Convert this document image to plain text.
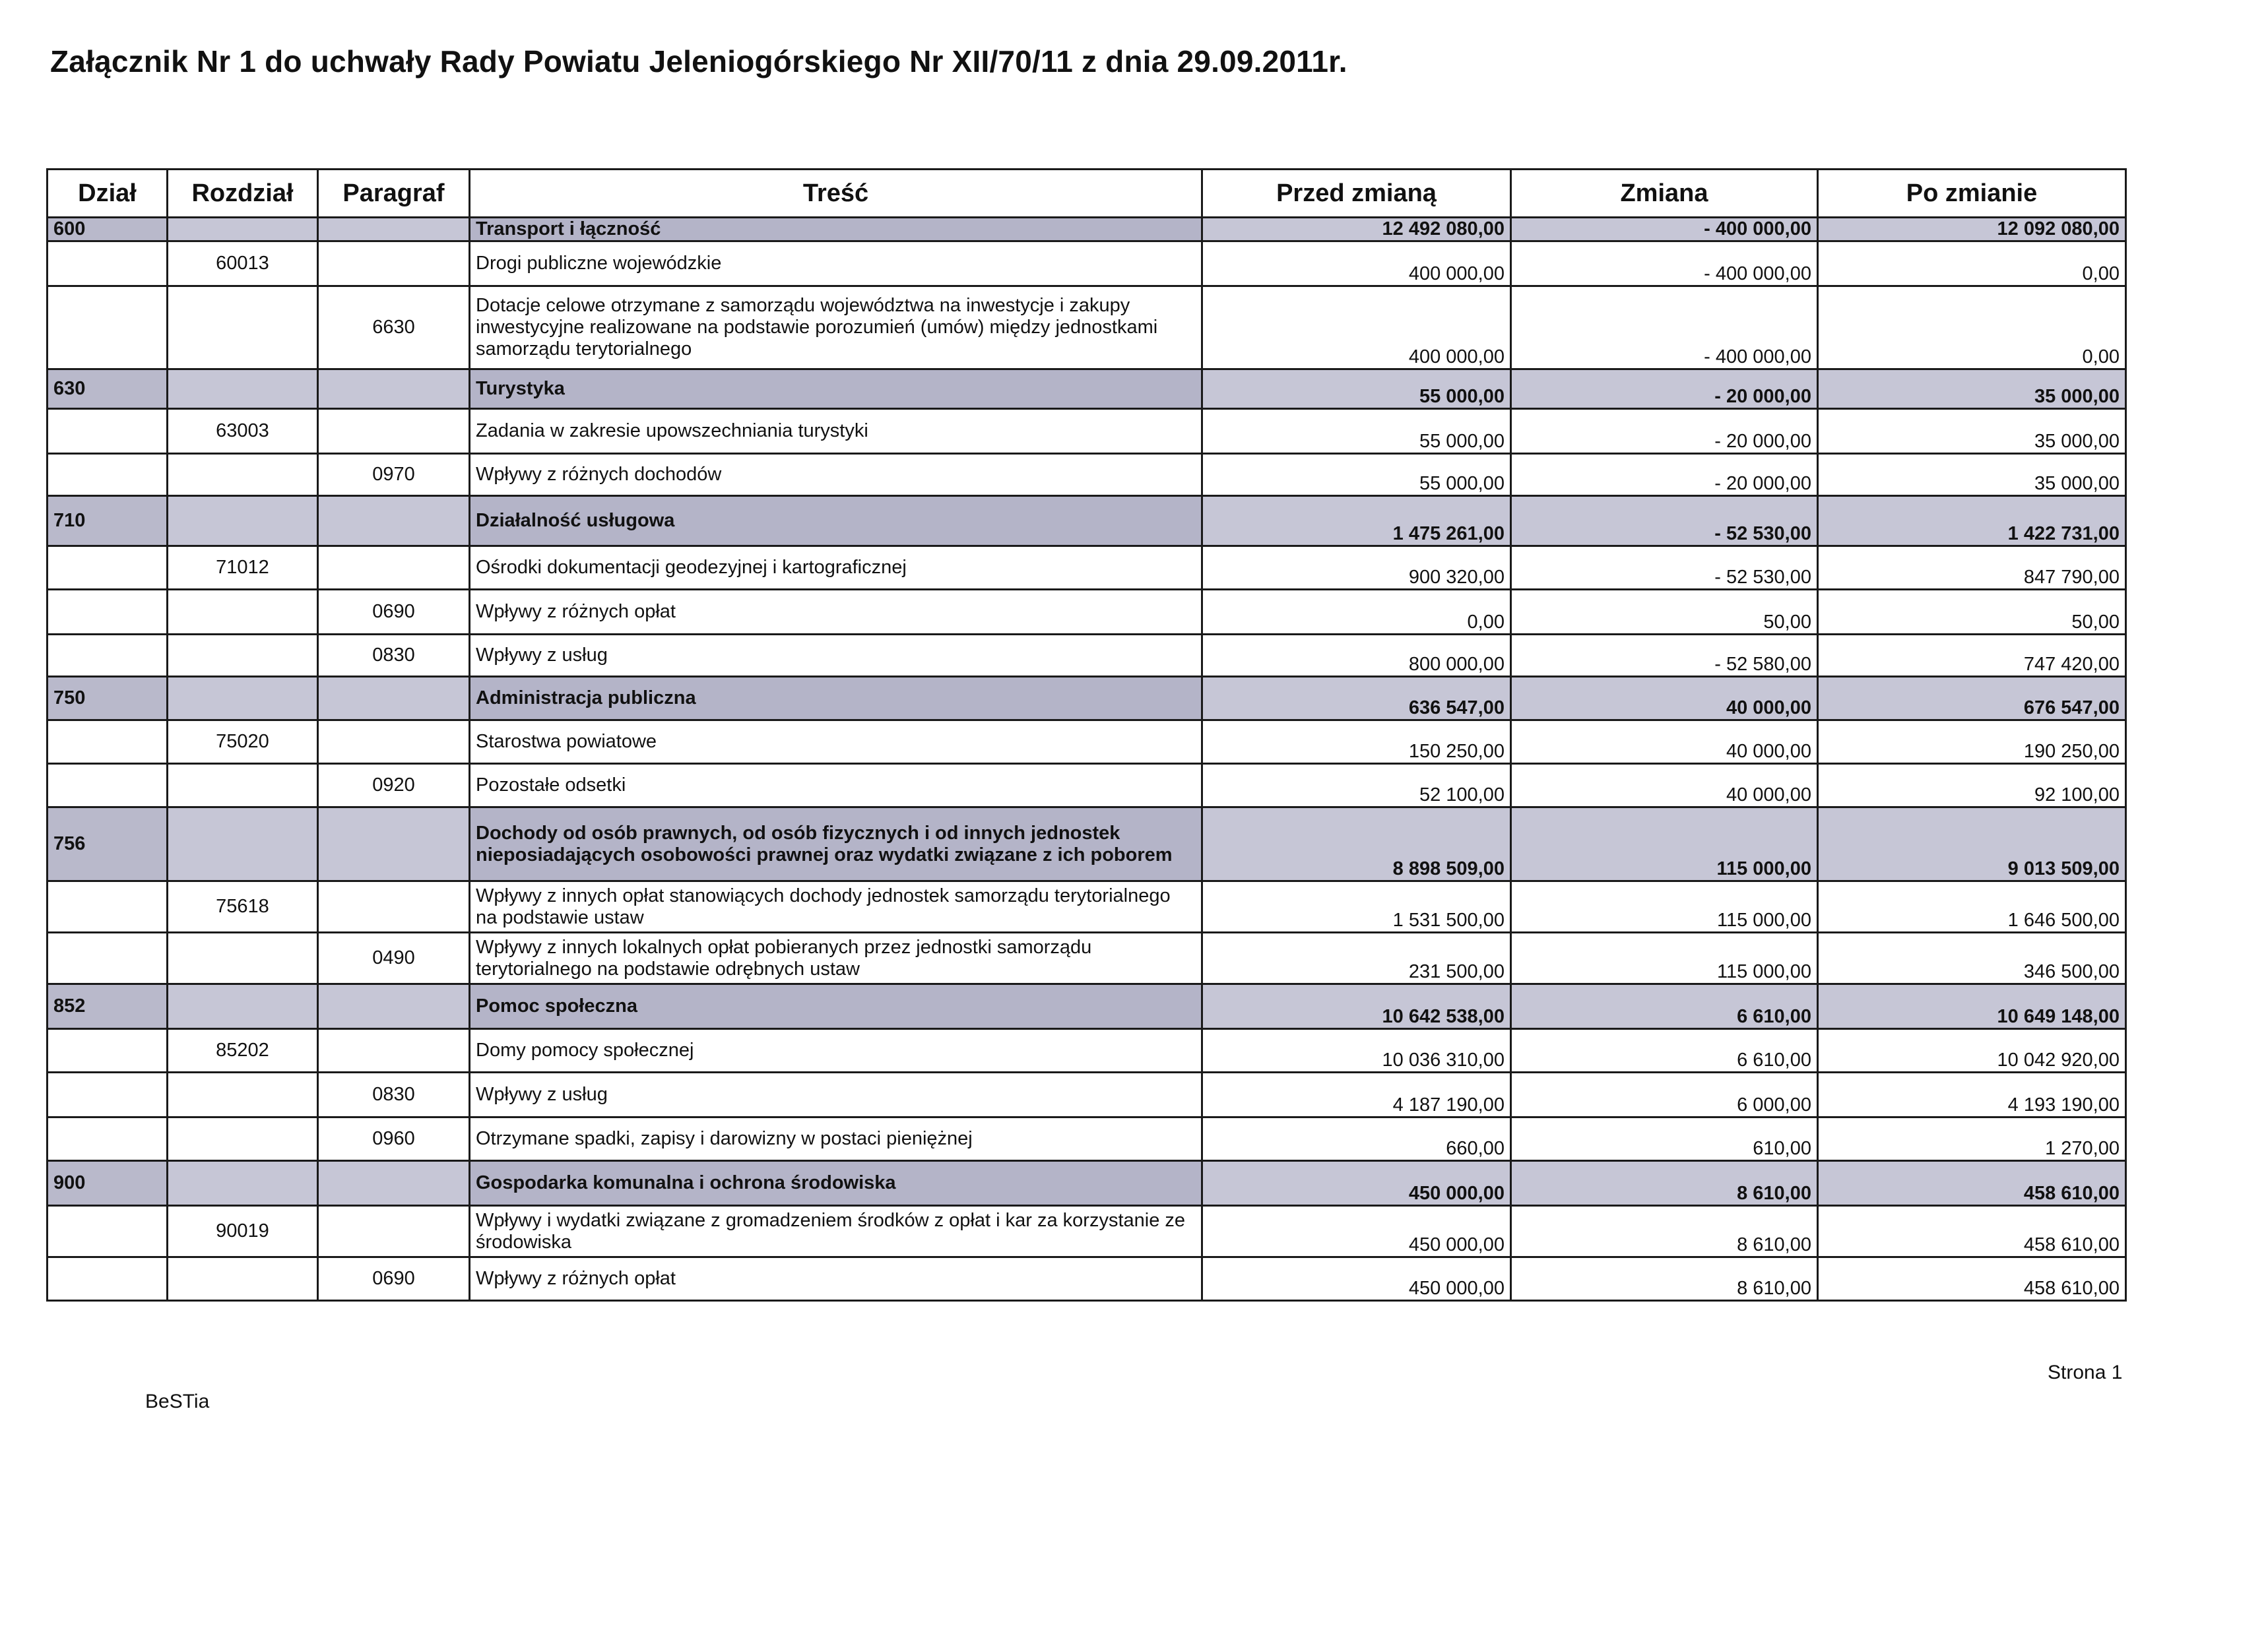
Załącznik Nr 1 do uchwały Rady Powiatu Jeleniogórskiego Nr XII/70/11 z dnia 29.09.2011r.
Dział	Rozdział	Paragraf	Treść	Przed zmianą	Zmiana	Po zmianie
600			Transport i łączność	12 492 080,00	- 400 000,00	12 092 080,00
	60013		Drogi publiczne wojewódzkie	400 000,00	- 400 000,00	0,00
		6630	Dotacje celowe otrzymane z samorządu województwa na inwestycje i zakupy inwestycyjne realizowane na podstawie porozumień (umów) między jednostkami samorządu terytorialnego	400 000,00	- 400 000,00	0,00
630			Turystyka	55 000,00	- 20 000,00	35 000,00
	63003		Zadania w zakresie upowszechniania turystyki	55 000,00	- 20 000,00	35 000,00
		0970	Wpływy z różnych dochodów	55 000,00	- 20 000,00	35 000,00
710			Działalność usługowa	1 475 261,00	- 52 530,00	1 422 731,00
	71012		Ośrodki dokumentacji geodezyjnej i kartograficznej	900 320,00	- 52 530,00	847 790,00
		0690	Wpływy z różnych opłat	0,00	50,00	50,00
		0830	Wpływy z usług	800 000,00	- 52 580,00	747 420,00
750			Administracja publiczna	636 547,00	40 000,00	676 547,00
	75020		Starostwa powiatowe	150 250,00	40 000,00	190 250,00
		0920	Pozostałe odsetki	52 100,00	40 000,00	92 100,00
756			Dochody od osób prawnych, od osób fizycznych i od innych jednostek nieposiadających osobowości prawnej oraz wydatki związane z ich poborem	8 898 509,00	115 000,00	9 013 509,00
	75618		Wpływy z innych opłat stanowiących dochody jednostek samorządu terytorialnego na podstawie ustaw	1 531 500,00	115 000,00	1 646 500,00
		0490	Wpływy z innych lokalnych opłat pobieranych przez jednostki samorządu terytorialnego na podstawie odrębnych ustaw	231 500,00	115 000,00	346 500,00
852			Pomoc społeczna	10 642 538,00	6 610,00	10 649 148,00
	85202		Domy pomocy społecznej	10 036 310,00	6 610,00	10 042 920,00
		0830	Wpływy z usług	4 187 190,00	6 000,00	4 193 190,00
		0960	Otrzymane spadki, zapisy i darowizny w postaci pieniężnej	660,00	610,00	1 270,00
900			Gospodarka komunalna i ochrona środowiska	450 000,00	8 610,00	458 610,00
	90019		Wpływy i wydatki związane z gromadzeniem środków z opłat i kar za korzystanie ze środowiska	450 000,00	8 610,00	458 610,00
		0690	Wpływy z różnych opłat	450 000,00	8 610,00	458 610,00
BeSTia
Strona 1
